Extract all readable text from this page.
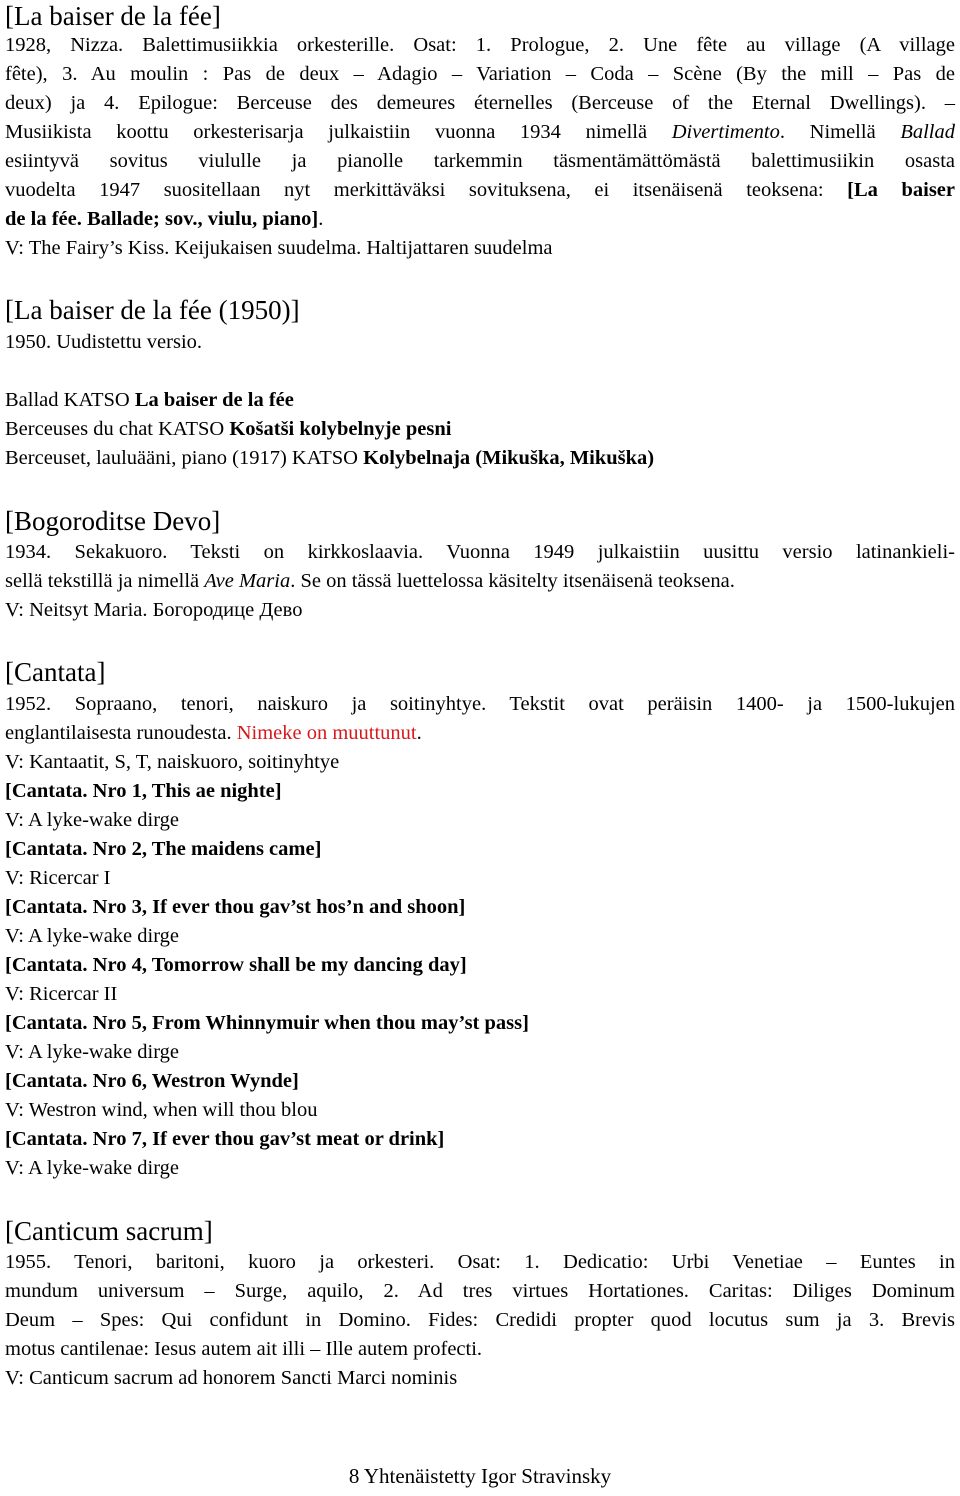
[La baiser de la fée]
1928, Nizza. Balettimusiikkia orkesterille. Osat: 1. Prologue, 2. Une fête au village (A village
fête), 3. Au moulin : Pas de deux – Adagio – Variation – Coda – Scène (By the mill – Pas de
deux) ja 4. Epilogue: Berceuse des demeures éternelles (Berceuse of the Eternal Dwellings). –
Musiikista koottu orkesterisarja julkaistiin vuonna 1934 nimellä Divertimento. Nimellä Ballad
esiintyvä sovitus viululle ja pianolle tarkemmin täsmentämättömästä balettimusiikin osasta
vuodelta 1947 suositellaan nyt merkittäväksi sovituksena, ei itsenäisenä teoksena: [La baiser
de la fée. Ballade; sov., viulu, piano].
V: The Fairy’s Kiss. Keijukaisen suudelma. Haltijattaren suudelma
[La baiser de la fée (1950)]
1950. Uudistettu versio.
Ballad KATSO La baiser de la fée
Berceuses du chat KATSO Košatši kolybelnyje pesni
Berceuset, lauluääni, piano (1917) KATSO Kolybelnaja (Mikuška, Mikuška)
[Bogoroditse Devo]
1934. Sekakuoro. Teksti on kirkkoslaavia. Vuonna 1949 julkaistiin uusittu versio latinankieli-
sellä tekstillä ja nimellä Ave Maria. Se on tässä luettelossa käsitelty itsenäisenä teoksena.
V: Neitsyt Maria. Богородице Дево
[Cantata]
1952. Sopraano, tenori, naiskuro ja soitinyhtye. Tekstit ovat peräisin 1400- ja 1500-lukujen
englantilaisesta runoudesta. Nimeke on muuttunut.
V: Kantaatit, S, T, naiskuoro, soitinyhtye
[Cantata. Nro 1, This ae nighte]
V: A lyke-wake dirge
[Cantata. Nro 2, The maidens came]
V: Ricercar I
[Cantata. Nro 3, If ever thou gav’st hos’n and shoon]
V: A lyke-wake dirge
[Cantata. Nro 4, Tomorrow shall be my dancing day]
V: Ricercar II
[Cantata. Nro 5, From Whinnymuir when thou may’st pass]
V: A lyke-wake dirge
[Cantata. Nro 6, Westron Wynde]
V: Westron wind, when will thou blou
[Cantata. Nro 7, If ever thou gav’st meat or drink]
V: A lyke-wake dirge
[Canticum sacrum]
1955. Tenori, baritoni, kuoro ja orkesteri. Osat: 1. Dedicatio: Urbi Venetiae – Euntes in
mundum universum – Surge, aquilo, 2. Ad tres virtues Hortationes. Caritas: Diliges Dominum
Deum – Spes: Qui confidunt in Domino. Fides: Credidi propter quod locutus sum ja 3. Brevis
motus cantilenae: Iesus autem ait illi – Ille autem profecti.
V: Canticum sacrum ad honorem Sancti Marci nominis
8 Yhtenäistetty Igor Stravinsky
